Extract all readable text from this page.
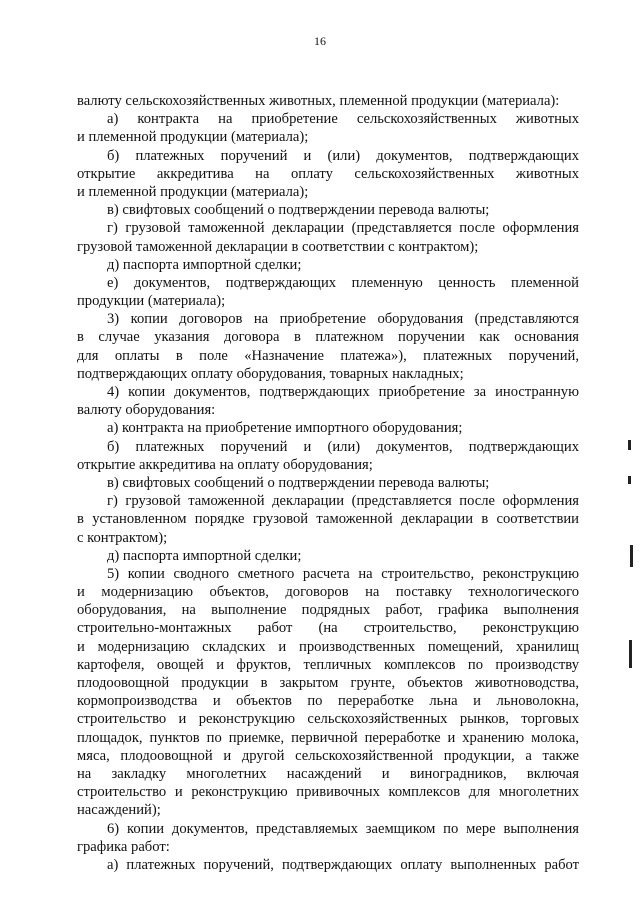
16
валюту сельскохозяйственных животных, племенной продукции (материала):
а) контракта на приобретение сельскохозяйственных животных
и племенной продукции (материала);
б) платежных поручений и (или) документов, подтверждающих
открытие аккредитива на оплату сельскохозяйственных животных
и племенной продукции (материала);
в) свифтовых сообщений о подтверждении перевода валюты;
г) грузовой таможенной декларации (представляется после оформления
грузовой таможенной декларации в соответствии с контрактом);
д) паспорта импортной сделки;
е) документов, подтверждающих племенную ценность племенной
продукции (материала);
3) копии договоров на приобретение оборудования (представляются
в случае указания договора в платежном поручении как основания
для оплаты в поле «Назначение платежа»), платежных поручений,
подтверждающих оплату оборудования, товарных накладных;
4) копии документов, подтверждающих приобретение за иностранную
валюту оборудования:
а) контракта на приобретение импортного оборудования;
б) платежных поручений и (или) документов, подтверждающих
открытие аккредитива на оплату оборудования;
в) свифтовых сообщений о подтверждении перевода валюты;
г) грузовой таможенной декларации (представляется после оформления
в установленном порядке грузовой таможенной декларации в соответствии
с контрактом);
д) паспорта импортной сделки;
5) копии сводного сметного расчета на строительство, реконструкцию
и модернизацию объектов, договоров на поставку технологического
оборудования, на выполнение подрядных работ, графика выполнения
строительно-монтажных работ (на строительство, реконструкцию
и модернизацию складских и производственных помещений, хранилищ
картофеля, овощей и фруктов, тепличных комплексов по производству
плодоовощной продукции в закрытом грунте, объектов животноводства,
кормопроизводства и объектов по переработке льна и льноволокна,
строительство и реконструкцию сельскохозяйственных рынков, торговых
площадок, пунктов по приемке, первичной переработке и хранению молока,
мяса, плодоовощной и другой сельскохозяйственной продукции, а также
на закладку многолетних насаждений и виноградников, включая
строительство и реконструкцию прививочных комплексов для многолетних
насаждений);
6) копии документов, представляемых заемщиком по мере выполнения
графика работ:
а) платежных поручений, подтверждающих оплату выполненных работ
